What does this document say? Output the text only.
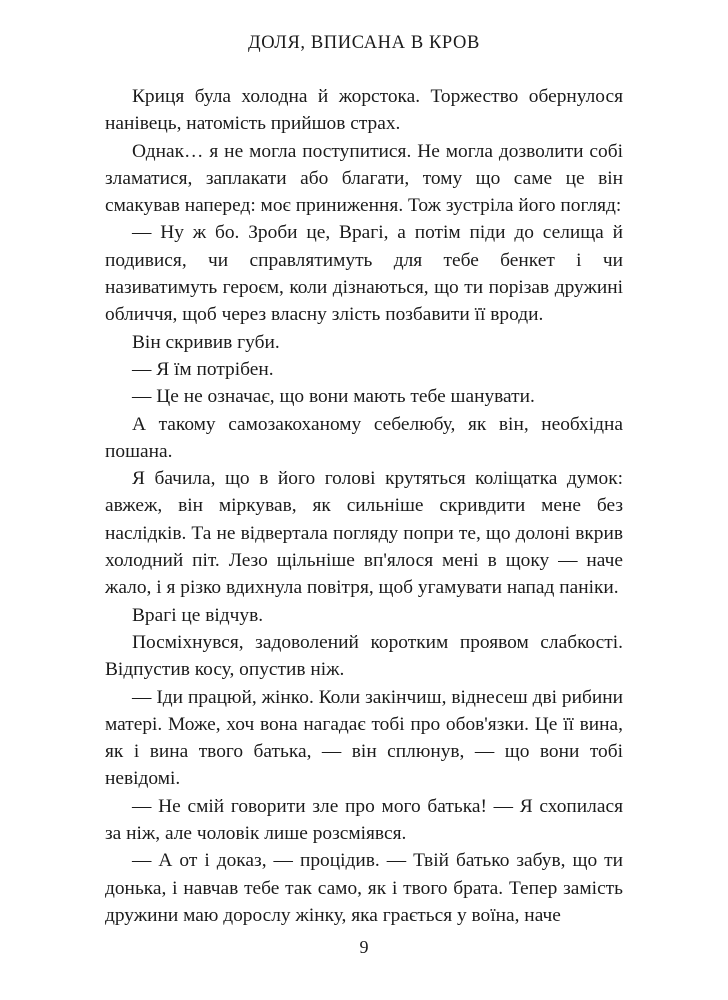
ДОЛЯ, ВПИСАНА В КРОВ

Криця була холодна й жорстока. Торжество обернулося нанівець, натомість прийшов страх.

Однак… я не могла поступитися. Не могла дозволити собі зламатися, заплакати або благати, тому що саме це він смакував наперед: моє приниження. Тож зустріла його погляд:

— Ну ж бо. Зроби це, Врагі, а потім піди до селища й подивися, чи справлятимуть для тебе бенкет і чи називатимуть героєм, коли дізнаються, що ти порізав дружині обличчя, щоб через власну злість позбавити її вроди.

Він скривив губи.

— Я їм потрібен.

— Це не означає, що вони мають тебе шанувати.

А такому самозакоханому себелюбу, як він, необхідна пошана.

Я бачила, що в його голові крутяться коліщатка думок: авжеж, він міркував, як сильніше скривдити мене без наслідків. Та не відвертала погляду попри те, що долоні вкрив холодний піт. Лезо щільніше вп'ялося мені в щоку — наче жало, і я різко вдихнула повітря, щоб угамувати напад паніки.

Врагі це відчув.

Посміхнувся, задоволений коротким проявом слабкості. Відпустив косу, опустив ніж.

— Іди працюй, жінко. Коли закінчиш, віднесеш дві рибини матері. Може, хоч вона нагадає тобі про обов'язки. Це її вина, як і вина твого батька, — він сплюнув, — що вони тобі невідомі.

— Не смій говорити зле про мого батька! — Я схопилася за ніж, але чоловік лише розсміявся.

— А от і доказ, — процідив. — Твій батько забув, що ти донька, і навчав тебе так само, як і твого брата. Тепер замість дружини маю дорослу жінку, яка грається у воїна, наче

9
